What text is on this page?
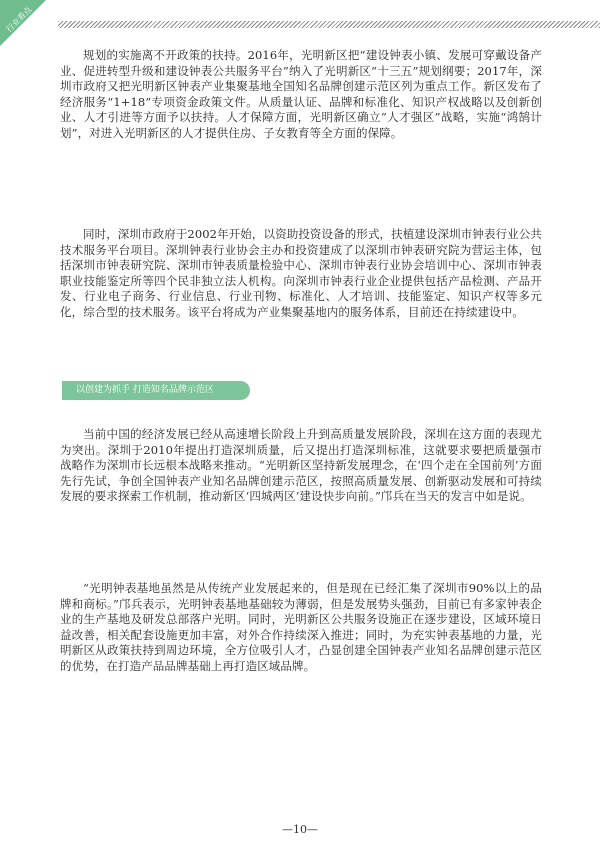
行业看点

规划的实施离不开政策的扶持。2016年，光明新区把“建设钟表小镇、发展可穿戴设备产业、促进转型升级和建设钟表公共服务平台”纳入了光明新区“十三五”规划纲要；2017年，深圳市政府又把光明新区钟表产业集聚基地全国知名品牌创建示范区列为重点工作。新区发布了经济服务“1+18”专项资金政策文件。从质量认证、品牌和标准化、知识产权战略以及创新创业、人才引进等方面予以扶持。人才保障方面，光明新区确立“人才强区”战略，实施“鸿鹄计划”，对进入光明新区的人才提供住房、子女教育等全方面的保障。

同时，深圳市政府于2002年开始，以资助投资设备的形式，扶植建设深圳市钟表行业公共技术服务平台项目。深圳钟表行业协会主办和投资建成了以深圳市钟表研究院为营运主体，包括深圳市钟表研究院、深圳市钟表质量检验中心、深圳市钟表行业协会培训中心、深圳市钟表职业技能鉴定所等四个民非独立法人机构。向深圳市钟表行业企业提供包括产品检测、产品开发、行业电子商务、行业信息、行业刊物、标准化、人才培训、技能鉴定、知识产权等多元化，综合型的技术服务。该平台将成为产业集聚基地内的服务体系，目前还在持续建设中。

以创建为抓手 打造知名品牌示范区

当前中国的经济发展已经从高速增长阶段上升到高质量发展阶段，深圳在这方面的表现尤为突出。深圳于2010年提出打造深圳质量，后又提出打造深圳标准，这就要求要把质量强市战略作为深圳市长远根本战略来推动。“光明新区坚持新发展理念，在‘四个走在全国前列’方面先行先试，争创全国钟表产业知名品牌创建示范区，按照高质量发展、创新驱动发展和可持续发展的要求探索工作机制，推动新区‘四城两区’建设快步向前。”邝兵在当天的发言中如是说。

“光明钟表基地虽然是从传统产业发展起来的，但是现在已经汇集了深圳市90%以上的品牌和商标。”邝兵表示，光明钟表基地基础较为薄弱，但是发展势头强劲，目前已有多家钟表企业的生产基地及研发总部落户光明。同时，光明新区公共服务设施正在逐步建设，区域环境日益改善，相关配套设施更加丰富，对外合作持续深入推进；同时，为充实钟表基地的力量，光明新区从政策扶持到周边环境，全方位吸引人才，凸显创建全国钟表产业知名品牌创建示范区的优势，在打造产品品牌基础上再打造区域品牌。

—10—
